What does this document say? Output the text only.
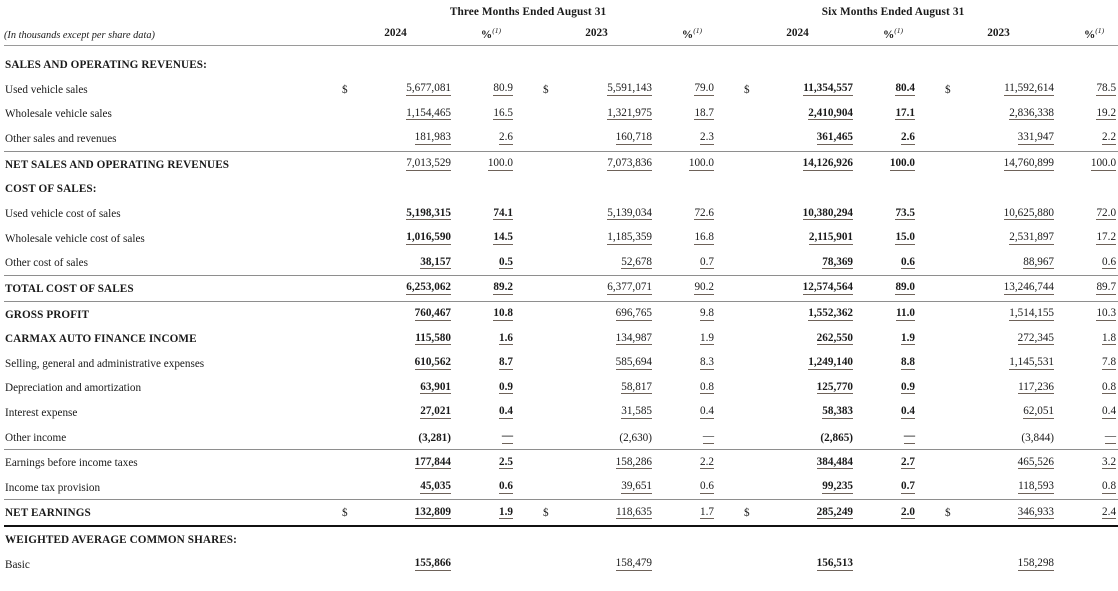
	Three Months Ended August 31									Six Months Ended August 31									
(In thousands except per share data)	2024			%$^{(1)}$		2023			%$^{(1)}$		2024			%$^{(1)}$		2023			%$^{(1)}$

SALES AND OPERATING REVENUES:																			
Used vehicle sales	$	5,677,081		80.9		$	5,591,143		79.0		$	11,354,557		80.4		$	11,592,614		78.5
Wholesale vehicle sales		1,154,465		16.5			1,321,975		18.7			2,410,904		17.1			2,836,338		19.2
Other sales and revenues		181,983		2.6			160,718		2.3			361,465		2.6			331,947		2.2
NET SALES AND OPERATING REVENUES		7,013,529		100.0			7,073,836		100.0			14,126,926		100.0			14,760,899		100.0
COST OF SALES:																			
Used vehicle cost of sales		5,198,315		74.1			5,139,034		72.6			10,380,294		73.5			10,625,880		72.0
Wholesale vehicle cost of sales		1,016,590		14.5			1,185,359		16.8			2,115,901		15.0			2,531,897		17.2
Other cost of sales		38,157		0.5			52,678		0.7			78,369		0.6			88,967		0.6
TOTAL COST OF SALES		6,253,062		89.2			6,377,071		90.2			12,574,564		89.0			13,246,744		89.7
GROSS PROFIT		760,467		10.8			696,765		9.8			1,552,362		11.0			1,514,155		10.3
CARMAX AUTO FINANCE INCOME		115,580		1.6			134,987		1.9			262,550		1.9			272,345		1.8
Selling, general and administrative expenses		610,562		8.7			585,694		8.3			1,249,140		8.8			1,145,531		7.8
Depreciation and amortization		63,901		0.9			58,817		0.8			125,770		0.9			117,236		0.8
Interest expense		27,021		0.4			31,585		0.4			58,383		0.4			62,051		0.4
Other income		(3,281)		—			(2,630)		—			(2,865)		—			(3,844)		—
Earnings before income taxes		177,844		2.5			158,286		2.2			384,484		2.7			465,526		3.2
Income tax provision		45,035		0.6			39,651		0.6			99,235		0.7			118,593		0.8
NET EARNINGS	$	132,809		1.9		$	118,635		1.7		$	285,249		2.0		$	346,933		2.4
WEIGHTED AVERAGE COMMON SHARES:																			
Basic		155,866					158,479					156,513					158,298		
